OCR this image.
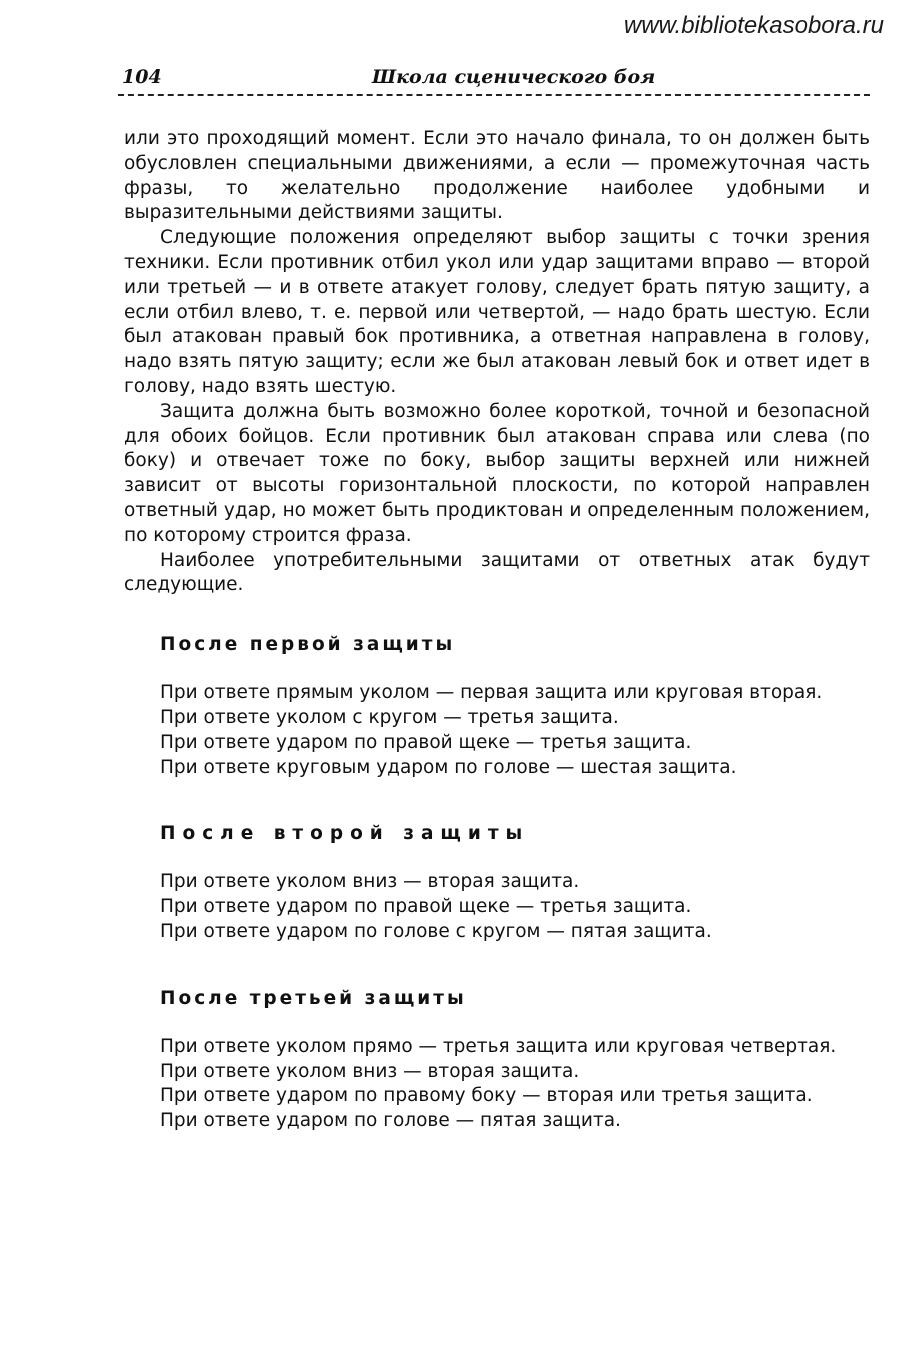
www.bibliotekasobora.ru
104	Школа сценического боя

или это проходящий момент. Если это начало финала, то он должен быть обусловлен специальными движениями, а если — промежуточная часть фразы, то желательно продолжение наиболее удобными и выразительными действиями защиты.

Следующие положения определяют выбор защиты с точки зрения техники. Если противник отбил укол или удар защитами вправо — второй или третьей — и в ответе атакует голову, следует брать пятую защиту, а если отбил влево, т. е. первой или четвертой, — надо брать шестую. Если был атакован правый бок противника, а ответная направлена в голову, надо взять пятую защиту; если же был атакован левый бок и ответ идет в голову, надо взять шестую.

Защита должна быть возможно более короткой, точной и безопасной для обоих бойцов. Если противник был атакован справа или слева (по боку) и отвечает тоже по боку, выбор защиты верхней или нижней зависит от высоты горизонтальной плоскости, по которой направлен ответный удар, но может быть продиктован и определенным положением, по которому строится фраза.

Наиболее употребительными защитами от ответных атак будут следующие.

После первой защиты

При ответе прямым уколом — первая защита или круговая вторая.

При ответе уколом с кругом — третья защита.

При ответе ударом по правой щеке — третья защита.

При ответе круговым ударом по голове — шестая защита.

После второй защиты

При ответе уколом вниз — вторая защита.

При ответе ударом по правой щеке — третья защита.

При ответе ударом по голове с кругом — пятая защита.

После третьей защиты

При ответе уколом прямо — третья защита или круговая четвертая.

При ответе уколом вниз — вторая защита.

При ответе ударом по правому боку — вторая или третья защита.

При ответе ударом по голове — пятая защита.
